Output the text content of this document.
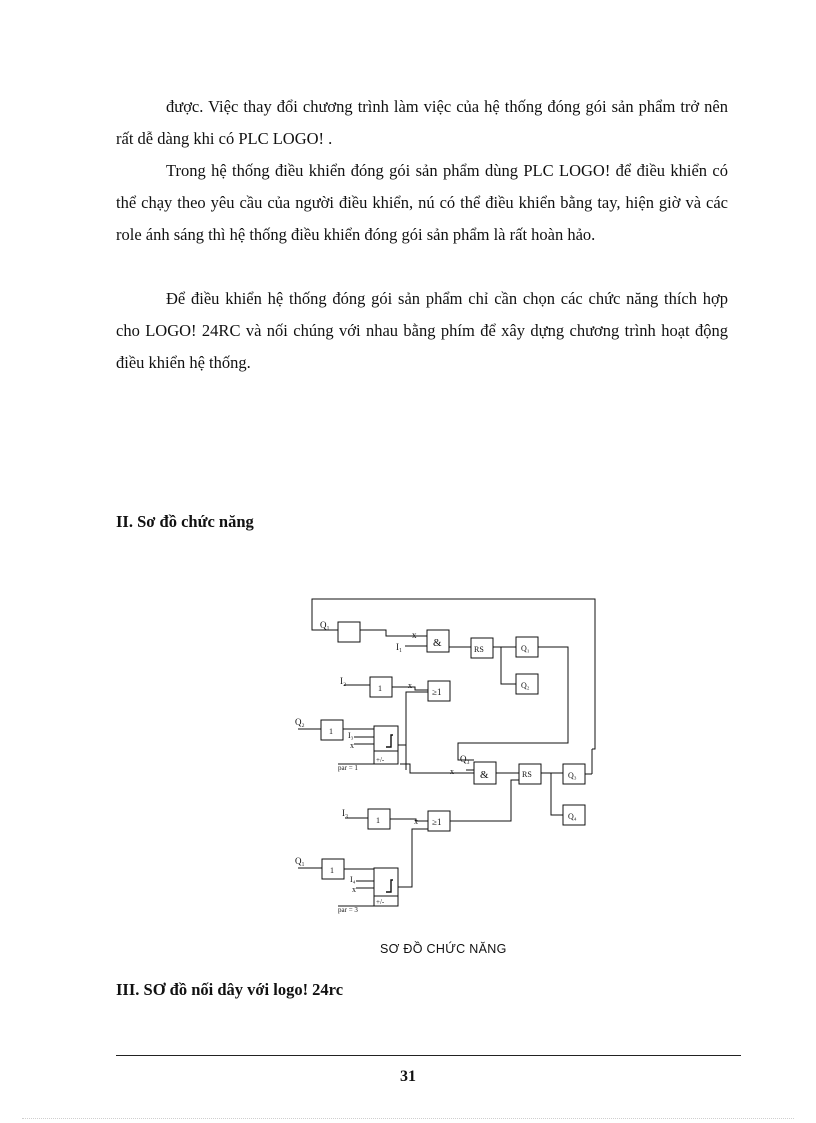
được. Việc thay đổi chương trình làm việc của hệ thống đóng gói sản phẩm trở nên rất dễ dàng khi có PLC LOGO! .

Trong hệ thống điều khiển đóng gói sản phẩm dùng PLC LOGO! để điều khiển có thể chạy theo yêu cầu của người điều khiển, nú có thể điều khiển bằng tay, hiện giờ và các role ánh sáng thì hệ thống điều khiển đóng gói sản phẩm là rất hoàn hảo.

Để điều khiển hệ thống đóng gói sản phẩm chỉ cần chọn các chức năng thích hợp cho LOGO! 24RC và nối chúng với nhau bằng phím để xây dựng chương trình hoạt động điều khiển hệ thống.

II. Sơ đồ chức năng
Q₁
x
I₁	&
RS	Q₁
Q₂
I₂
1	x
≥1
Q₂
1 I₃
x
+/-
par = 1
Q₃
x &	RS	Q₃
Q₄
I₃
1	x ≥1
Q₁
1
I₄
x
+/-
par = 3
SƠ ĐỒ CHỨC NĂNG
III. SƠ đồ nối dây với logo! 24rc
31
